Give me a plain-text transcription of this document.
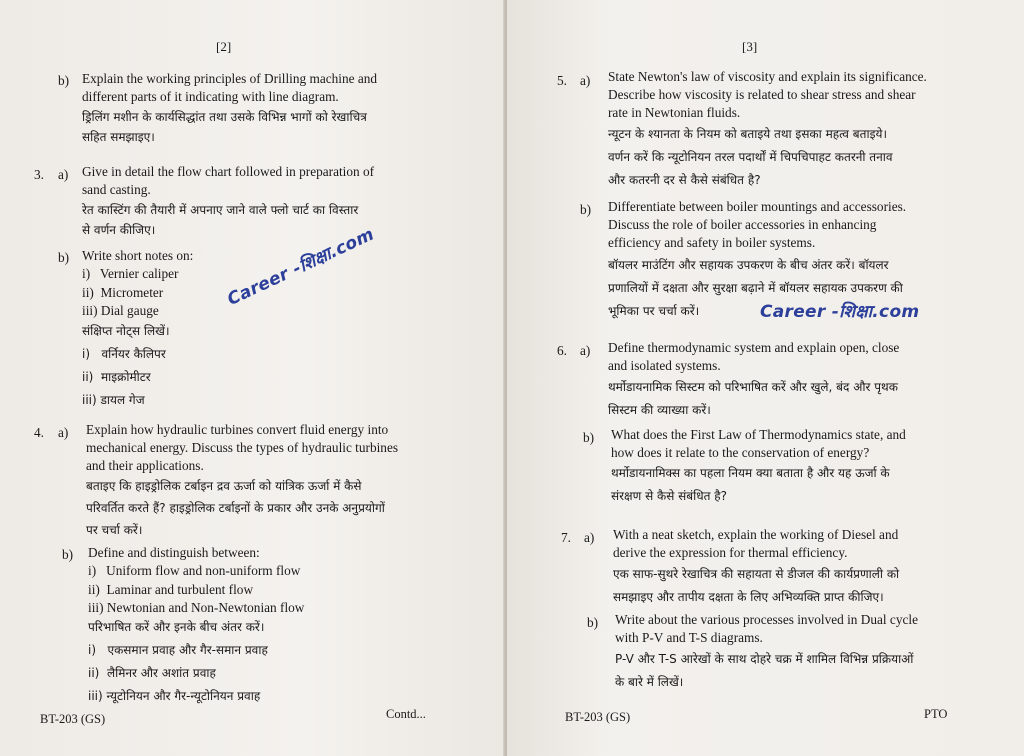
[2]
b) Explain the working principles of Drilling machine and
different parts of it indicating with line diagram.
ड्रिलिंग मशीन के कार्यसिद्धांत तथा उसके विभिन्न भागों को रेखाचित्र
सहित समझाइए।
3. a) Give in detail the flow chart followed in preparation of
sand casting.
रेत कास्टिंग की तैयारी में अपनाए जाने वाले फ्लो चार्ट का विस्तार
से वर्णन कीजिए।
b) Write short notes on:
i)   Vernier caliper
ii)  Micrometer
iii) Dial gauge
संक्षिप्त नोट्स लिखें।
i)   वर्नियर कैलिपर
ii)  माइक्रोमीटर
iii) डायल गेज
Career -शिक्षा.com
4. a) Explain how hydraulic turbines convert fluid energy into
mechanical energy. Discuss the types of hydraulic turbines
and their applications.
बताइए कि हाइड्रोलिक टर्बाइन द्रव ऊर्जा को यांत्रिक ऊर्जा में कैसे
परिवर्तित करते हैं? हाइड्रोलिक टर्बाइनों के प्रकार और उनके अनुप्रयोगों
पर चर्चा करें।
b) Define and distinguish between:
i)   Uniform flow and non-uniform flow
ii)  Laminar and turbulent flow
iii) Newtonian and Non-Newtonian flow
परिभाषित करें और इनके बीच अंतर करें।
i)   एकसमान प्रवाह और गैर-समान प्रवाह
ii)  लैमिनर और अशांत प्रवाह
iii) न्यूटोनियन और गैर-न्यूटोनियन प्रवाह
BT-203 (GS)	Contd...
[3]
5. a) State Newton's law of viscosity and explain its significance.
Describe how viscosity is related to shear stress and shear
rate in Newtonian fluids.
न्यूटन के श्यानता के नियम को बताइये तथा इसका महत्व बताइये।
वर्णन करें कि न्यूटोनियन तरल पदार्थों में चिपचिपाहट कतरनी तनाव
और कतरनी दर से कैसे संबंधित है?
b) Differentiate between boiler mountings and accessories.
Discuss the role of boiler accessories in enhancing
efficiency and safety in boiler systems.
बॉयलर माउंटिंग और सहायक उपकरण के बीच अंतर करें। बॉयलर
प्रणालियों में दक्षता और सुरक्षा बढ़ाने में बॉयलर सहायक उपकरण की
भूमिका पर चर्चा करें।	Career -शिक्षा.com
6. a) Define thermodynamic system and explain open, close
and isolated systems.
थर्मोडायनामिक सिस्टम को परिभाषित करें और खुले, बंद और पृथक
सिस्टम की व्याख्या करें।
b) What does the First Law of Thermodynamics state, and
how does it relate to the conservation of energy?
थर्मोडायनामिक्स का पहला नियम क्या बताता है और यह ऊर्जा के
संरक्षण से कैसे संबंधित है?
7. a) With a neat sketch, explain the working of Diesel and
derive the expression for thermal efficiency.
एक साफ-सुथरे रेखाचित्र की सहायता से डीजल की कार्यप्रणाली को
समझाइए और तापीय दक्षता के लिए अभिव्यक्ति प्राप्त कीजिए।
b) Write about the various processes involved in Dual cycle
with P-V and T-S diagrams.
P-V और T-S आरेखों के साथ दोहरे चक्र में शामिल विभिन्न प्रक्रियाओं
के बारे में लिखें।
BT-203 (GS)	PTO
